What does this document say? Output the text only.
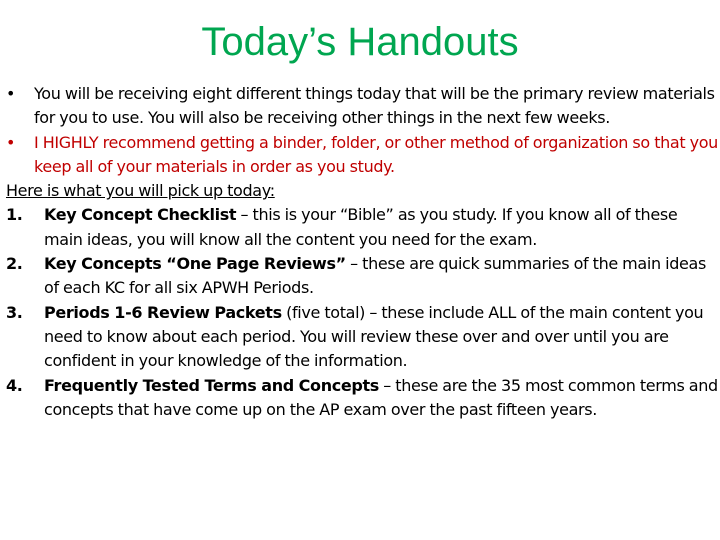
Today’s Handouts
•	You will be receiving eight different things today that will be the primary review materials for you to use. You will also be receiving other things in the next few weeks.
•	I HIGHLY recommend getting a binder, folder, or other method of organization so that you keep all of your materials in order as you study.
Here is what you will pick up today:
1.	Key Concept Checklist – this is your “Bible” as you study. If you know all of these main ideas, you will know all the content you need for the exam.
2.	Key Concepts “One Page Reviews” – these are quick summaries of the main ideas of each KC for all six APWH Periods.
3.	Periods 1-6 Review Packets (five total) – these include ALL of the main content you need to know about each period. You will review these over and over until you are confident in your knowledge of the information.
4.	Frequently Tested Terms and Concepts – these are the 35 most common terms and concepts that have come up on the AP exam over the past fifteen years.
